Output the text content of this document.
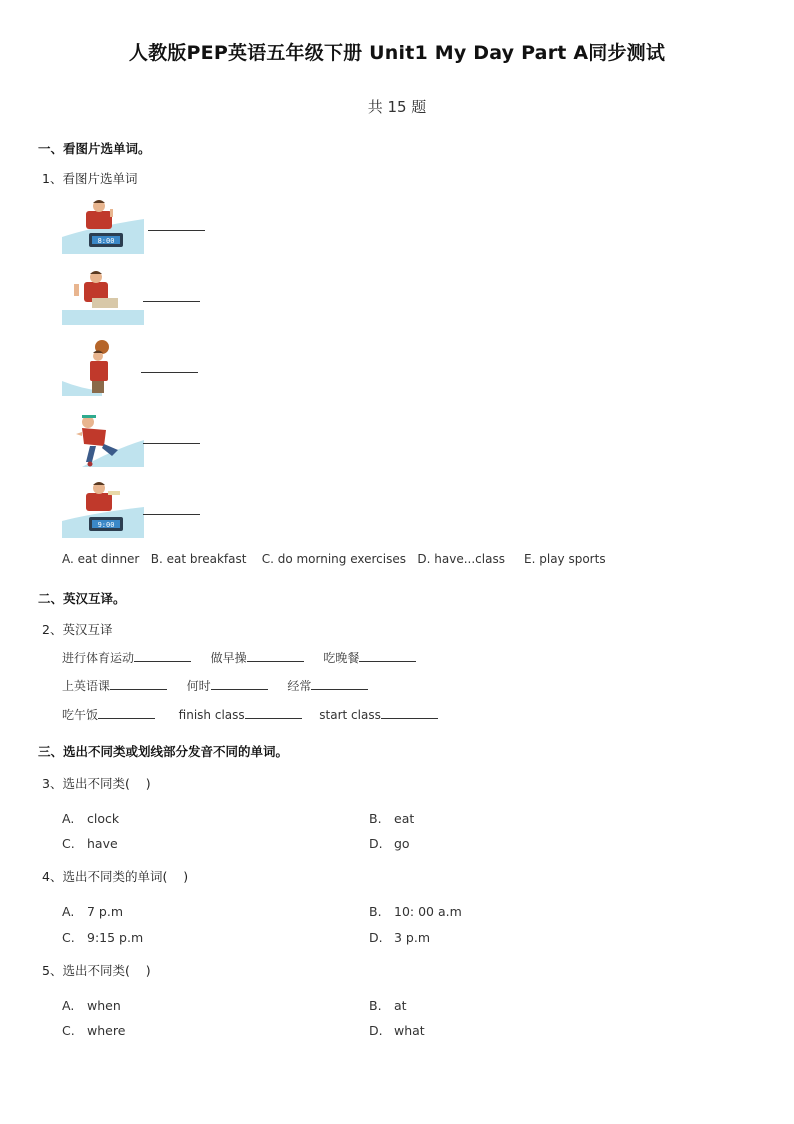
人教版PEP英语五年级下册 Unit1 My Day Part A同步测试
共 15 题
一、看图片选单词。
1、看图片选单词
8:00
9:00
A. eat dinner   B. eat breakfast    C. do morning exercises   D. have...class     E. play sports
二、英汉互译。
2、英汉互译
进行体育运动	做早操	吃晚餐
上英语课	何时	经常
吃午饭	finish class	start class
三、选出不同类或划线部分发音不同的单词。
3、选出不同类(    )
A. clock	B. eat
C. have	D. go
4、选出不同类的单词(    )
A. 7 p.m	B. 10: 00 a.m
C. 9:15 p.m	D. 3 p.m
5、选出不同类(    )
A. when	B. at
C. where	D. what
